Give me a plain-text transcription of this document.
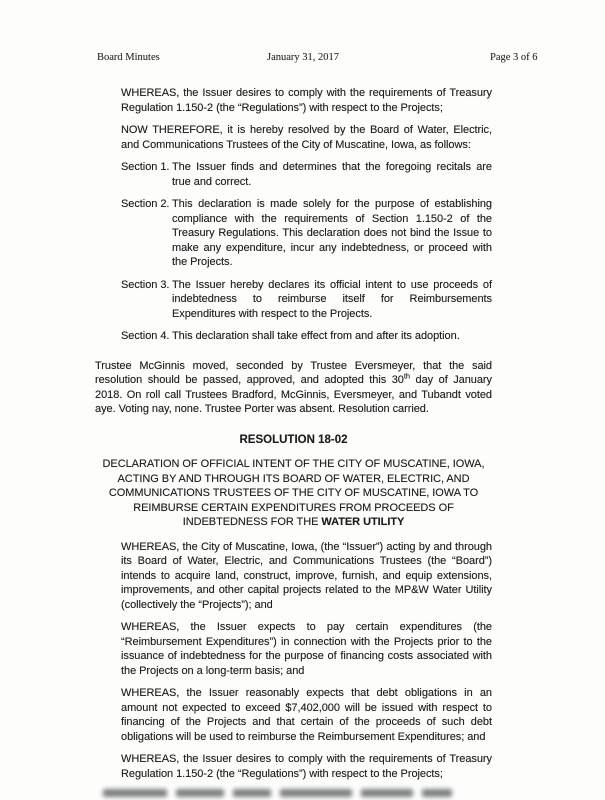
Board Minutes	January 31, 2017	Page 3 of 6

WHEREAS, the Issuer desires to comply with the requirements of Treasury Regulation 1.150-2 (the “Regulations”) with respect to the Projects;

NOW THEREFORE, it is hereby resolved by the Board of Water, Electric, and Communications Trustees of the City of Muscatine, Iowa, as follows:

Section 1. The Issuer finds and determines that the foregoing recitals are true and correct.
Section 2. This declaration is made solely for the purpose of establishing compliance with the requirements of Section 1.150-2 of the Treasury Regulations. This declaration does not bind the Issue to make any expenditure, incur any indebtedness, or proceed with the Projects.
Section 3. The Issuer hereby declares its official intent to use proceeds of indebtedness to reimburse itself for Reimbursements Expenditures with respect to the Projects.
Section 4. This declaration shall take effect from and after its adoption.

Trustee McGinnis moved, seconded by Trustee Eversmeyer, that the said resolution should be passed, approved, and adopted this 30th day of January 2018. On roll call Trustees Bradford, McGinnis, Eversmeyer, and Tubandt voted aye. Voting nay, none. Trustee Porter was absent. Resolution carried.

RESOLUTION 18-02

DECLARATION OF OFFICIAL INTENT OF THE CITY OF MUSCATINE, IOWA, ACTING BY AND THROUGH ITS BOARD OF WATER, ELECTRIC, AND COMMUNICATIONS TRUSTEES OF THE CITY OF MUSCATINE, IOWA TO REIMBURSE CERTAIN EXPENDITURES FROM PROCEEDS OF INDEBTEDNESS FOR THE WATER UTILITY

WHEREAS, the City of Muscatine, Iowa, (the “Issuer”) acting by and through its Board of Water, Electric, and Communications Trustees (the “Board”) intends to acquire land, construct, improve, furnish, and equip extensions, improvements, and other capital projects related to the MP&W Water Utility (collectively the “Projects”); and

WHEREAS, the Issuer expects to pay certain expenditures (the “Reimbursement Expenditures”) in connection with the Projects prior to the issuance of indebtedness for the purpose of financing costs associated with the Projects on a long-term basis; and

WHEREAS, the Issuer reasonably expects that debt obligations in an amount not expected to exceed $7,402,000 will be issued with respect to financing of the Projects and that certain of the proceeds of such debt obligations will be used to reimburse the Reimbursement Expenditures; and

WHEREAS, the Issuer desires to comply with the requirements of Treasury Regulation 1.150-2 (the “Regulations”) with respect to the Projects;
